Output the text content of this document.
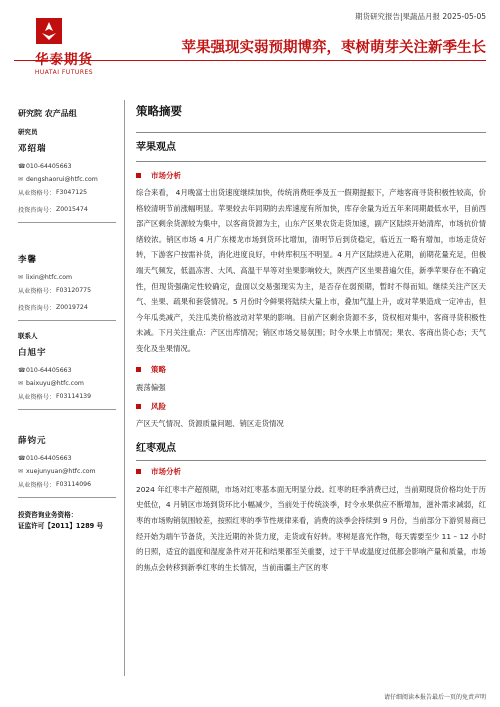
华泰期货
HUATAI FUTURES
期货研究报告|果蔬品月报 2025-05-05
苹果强现实弱预期博弈，枣树萌芽关注新季生长
研究院 农产品组
研究员
邓绍瑞
☎ 010-64405663
✉ dengshaorui@htfc.com
从业资格号： F3047125
投资咨询号： Z0015474
李馨
✉ lixin@htfc.com
从业资格号： F03120775
投资咨询号： Z0019724
联系人
白旭宇
☎ 010-64405663
✉ baixuyu@htfc.com
从业资格号： F03114139
薛钧元
☎ 010-64405663
✉ xuejunyuan@htfc.com
从业资格号： F03114096
投资咨询业务资格：
证监许可【2011】1289 号
策略摘要
苹果观点
市场分析
综合来看， 4月晚富士出货速度继续加快，传统消费旺季及五一假期提振下，产地客商寻货积极性较高，价格较清明节前涨幅明显。苹果较去年同期的去库速度有所加快，库存余量为近五年来同期最低水平，目前西部产区剩余货源较为集中，以客商货源为主，山东产区果农货走货加速，副产区陆续开始清库，市场抗价情绪较浓。销区市场 4 月广东楼龙市场到货环比增加，清明节后到货稳定，临近五一略有增加，市场走货好转，下游客户按需补货，消化进度良好，中转库积压不明显。4 月产区陆续进入花期，前期花量充足，但极端天气频发，低温冻害、大风、高温干旱等对坐果影响较大，陕西产区坐果普遍欠佳，新季苹果存在不确定性，但现货强确定性较确定，盘面以交易强现实为主，是否存在弱预期，暂时不得而知。继续关注产区天气、坐果、疏果和套袋情况。5 月份时令鲜果将陆续大量上市，叠加气温上升，或对苹果造成一定冲击，但今年瓜类减产，关注瓜类价格波动对苹果的影响。目前产区剩余货源不多，货权相对集中，客商寻货积极性未减。下月关注重点：产区出库情况；销区市场交易氛围；时令水果上市情况；果农、客商出货心态；天气变化及坐果情况。
策略
震荡偏强
风险
产区天气情况、货源质量问题、销区走货情况
红枣观点
市场分析
2024 年红枣丰产超预期，市场对红枣基本面无明显分歧。红枣的旺季消费已过，当前期现货价格均处于历史低位，4 月销区市场到货环比小幅减少，当前处于传统淡季，时令水果供应不断增加，滋补需求减弱，红枣的市场购销氛围较差，按照红枣的季节性规律来看，消费的淡季会持续到 9 月份，当前部分下游贸易商已经开始为端午节备货，关注近期的补货力度，走货或有好转。枣树是喜光作物，每天需要至少 11 – 12 小时的日照，适宜的温度和湿度条件对开花和结果都至关重要，过于干旱或温度过低都会影响产量和质量，市场的焦点会转移到新季红枣的生长情况，当前南疆主产区的枣
请仔细阅读本报告最后一页的免责声明
